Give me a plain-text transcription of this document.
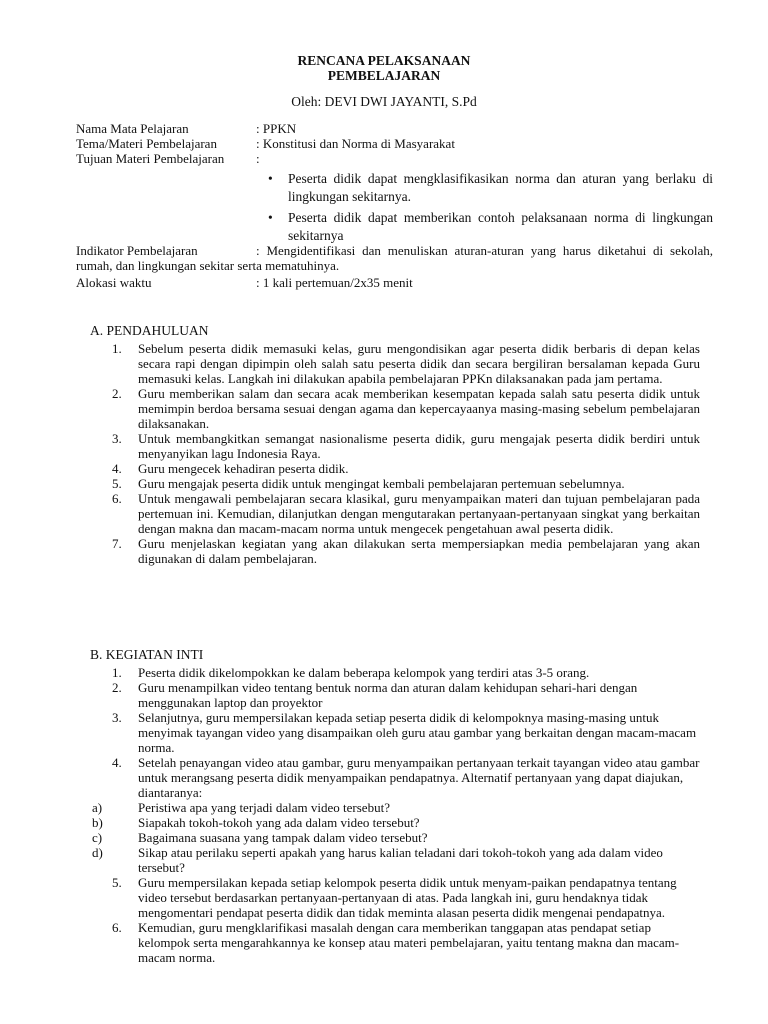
RENCANA PELAKSANAAN
PEMBELAJARAN
Oleh: DEVI DWI JAYANTI, S.Pd
Nama Mata Pelajaran	: PPKN
Tema/Materi Pembelajaran	: Konstitusi dan Norma di Masyarakat
Tujuan Materi Pembelajaran :
• Peserta didik dapat mengklasifikasikan norma dan aturan yang berlaku di lingkungan sekitarnya.
• Peserta didik dapat memberikan contoh pelaksanaan norma di lingkungan sekitarnya
Indikator Pembelajaran	: Mengidentifikasi dan menuliskan aturan-aturan yang harus diketahui di sekolah, rumah, dan lingkungan sekitar serta mematuhinya.
Alokasi waktu	: 1 kali pertemuan/2x35 menit
A. PENDAHULUAN
1. Sebelum peserta didik memasuki kelas, guru mengondisikan agar peserta didik berbaris di depan kelas secara rapi dengan dipimpin oleh salah satu peserta didik dan secara bergiliran bersalaman kepada Guru memasuki kelas. Langkah ini dilakukan apabila pembelajaran PPKn dilaksanakan pada jam pertama.
2. Guru memberikan salam dan secara acak memberikan kesempatan kepada salah satu peserta didik untuk memimpin berdoa bersama sesuai dengan agama dan kepercayaanya masing-masing sebelum pembelajaran dilaksanakan.
3. Untuk membangkitkan semangat nasionalisme peserta didik, guru mengajak peserta didik berdiri untuk menyanyikan lagu Indonesia Raya.
4. Guru mengecek kehadiran peserta didik.
5. Guru mengajak peserta didik untuk mengingat kembali pembelajaran pertemuan sebelumnya.
6. Untuk mengawali pembelajaran secara klasikal, guru menyampaikan materi dan tujuan pembelajaran pada pertemuan ini. Kemudian, dilanjutkan dengan mengutarakan pertanyaan-pertanyaan singkat yang berkaitan dengan makna dan macam-macam norma untuk mengecek pengetahuan awal peserta didik.
7. Guru menjelaskan kegiatan yang akan dilakukan serta mempersiapkan media pembelajaran yang akan digunakan di dalam pembelajaran.
B. KEGIATAN INTI
1. Peserta didik dikelompokkan ke dalam beberapa kelompok yang terdiri atas 3-5 orang.
2. Guru menampilkan video tentang bentuk norma dan aturan dalam kehidupan sehari-hari dengan menggunakan laptop dan proyektor
3. Selanjutnya, guru mempersilakan kepada setiap peserta didik di kelompoknya masing-masing untuk menyimak tayangan video yang disampaikan oleh guru atau gambar yang berkaitan dengan macam-macam norma.
4. Setelah penayangan video atau gambar, guru menyampaikan pertanyaan terkait tayangan video atau gambar untuk merangsang peserta didik menyampaikan pendapatnya. Alternatif pertanyaan yang dapat diajukan, diantaranya:
a)	Peristiwa apa yang terjadi dalam video tersebut?
b)	Siapakah tokoh-tokoh yang ada dalam video tersebut?
c)	Bagaimana suasana yang tampak dalam video tersebut?
d)	Sikap atau perilaku seperti apakah yang harus kalian teladani dari tokoh-tokoh yang ada dalam video tersebut?
5. Guru mempersilakan kepada setiap kelompok peserta didik untuk menyam-paikan pendapatnya tentang video tersebut berdasarkan pertanyaan-pertanyaan di atas. Pada langkah ini, guru hendaknya tidak mengomentari pendapat peserta didik dan tidak meminta alasan peserta didik mengenai pendapatnya.
6. Kemudian, guru mengklarifikasi masalah dengan cara memberikan tanggapan atas pendapat setiap kelompok serta mengarahkannya ke konsep atau materi pembelajaran, yaitu tentang makna dan macam-macam norma.
